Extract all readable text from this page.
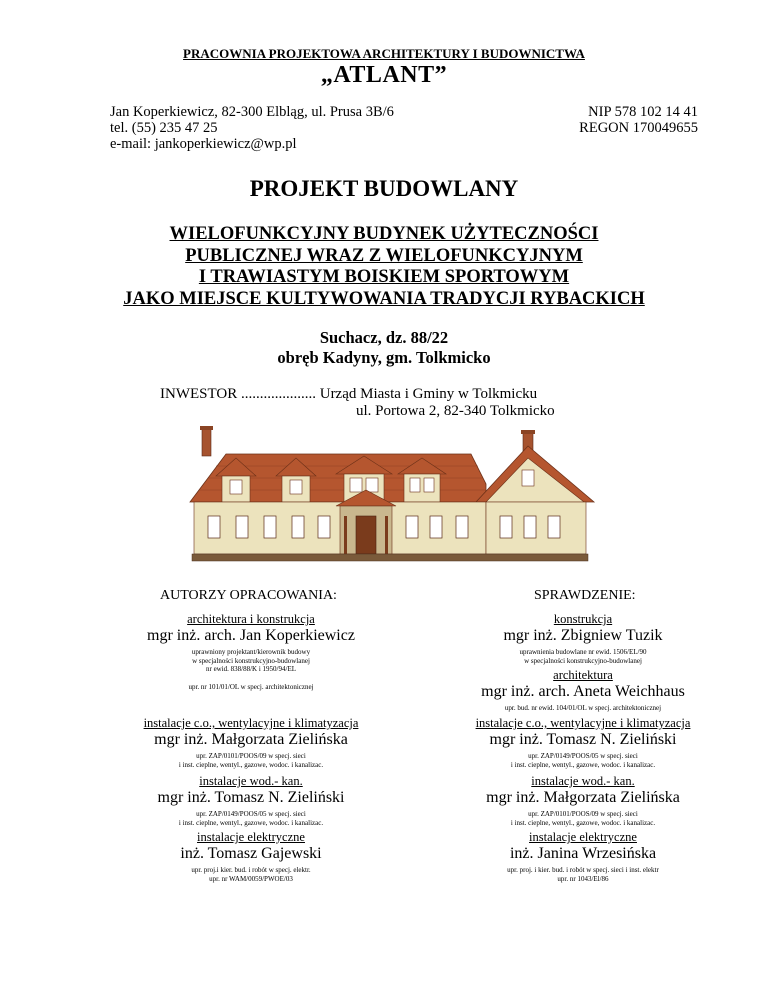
PRACOWNIA PROJEKTOWA ARCHITEKTURY I BUDOWNICTWA
„ATLANT”
Jan Koperkiewicz, 82-300 Elbląg, ul. Prusa 3B/6
tel. (55) 235 47 25
e-mail: jankoperkiewicz@wp.pl
NIP 578 102 14 41
REGON 170049655
PROJEKT BUDOWLANY
WIELOFUNKCYJNY BUDYNEK UŻYTECZNOŚCI
PUBLICZNEJ WRAZ Z WIELOFUNKCYJNYM
I TRAWIASTYM BOISKIEM SPORTOWYM
JAKO MIEJSCE KULTYWOWANIA TRADYCJI RYBACKICH
Suchacz, dz. 88/22
obręb Kadyny, gm. Tolkmicko
INWESTOR .................... Urząd Miasta i Gminy w Tolkmicku
ul. Portowa 2, 82-340 Tolkmicko
AUTORZY OPRACOWANIA:	SPRAWDZENIE:
architektura i konstrukcja
mgr inż. arch. Jan Koperkiewicz
uprawniony projektant/kierownik budowy
w specjalności konstrukcyjno-budowlanej
nr ewid. 838/88/K i 1950/94/EL
upr. nr 101/01/OL w specj. architektonicznej
instalacje c.o., wentylacyjne i klimatyzacja
mgr inż. Małgorzata Zielińska
upr. ZAP/0101/POOS/09 w specj. sieci
i inst. cieplne, wentyl., gazowe, wodoc. i kanalizac.
instalacje wod.- kan.
mgr inż. Tomasz N. Zieliński
upr. ZAP/0149/POOS/05 w specj. sieci
i inst. cieplne, wentyl., gazowe, wodoc. i kanalizac.
instalacje elektryczne
inż. Tomasz Gajewski
upr. proj.i kier. bud. i robót w specj. elektr.
upr. nr WAM/0059/PWOE/03
konstrukcja
mgr inż. Zbigniew Tuzik
uprawnienia budowlane nr ewid. 1506/EL/90
w specjalności konstrukcyjno-budowlanej
architektura
mgr inż. arch. Aneta Weichhaus
upr. bud. nr ewid. 104/01/OL w specj. architektonicznej
instalacje c.o., wentylacyjne i klimatyzacja
mgr inż. Tomasz N. Zieliński
upr. ZAP/0149/POOS/05 w specj. sieci
i inst. cieplne, wentyl., gazowe, wodoc. i kanalizac.
instalacje wod.- kan.
mgr inż. Małgorzata Zielińska
upr. ZAP/0101/POOS/09 w specj. sieci
i inst. cieplne, wentyl., gazowe, wodoc. i kanalizac.
instalacje elektryczne
inż. Janina Wrzesińska
upr. proj. i kier. bud. i robót w specj. sieci i inst. elektr
upr. nr 1043/El/86
